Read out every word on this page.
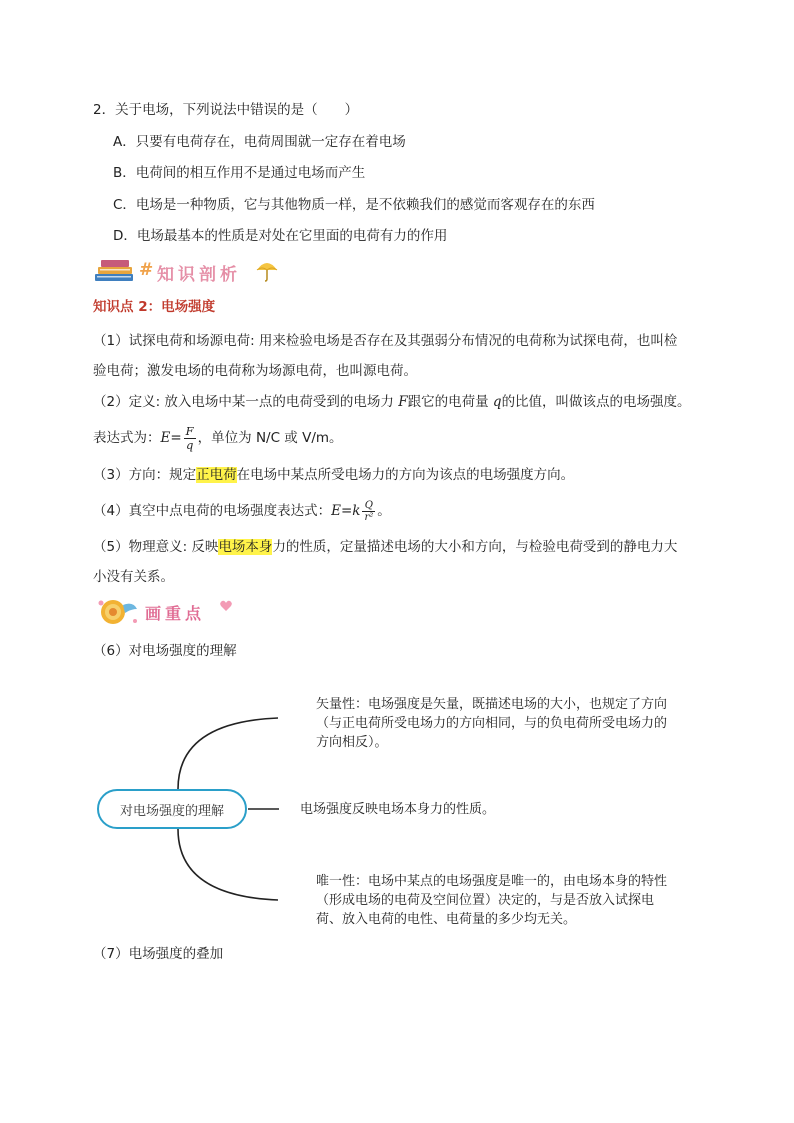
2．关于电场，下列说法中错误的是（　　）
A．只要有电荷存在，电荷周围就一定存在着电场
B．电荷间的相互作用不是通过电场而产生
C．电场是一种物质，它与其他物质一样，是不依赖我们的感觉而客观存在的东西
D．电场最基本的性质是对处在它里面的电荷有力的作用
# 知识剖析
知识点 2：电场强度
（1）试探电荷和场源电荷: 用来检验电场是否存在及其强弱分布情况的电荷称为试探电荷，也叫检
验电荷；激发电场的电荷称为场源电荷，也叫源电荷。
（2）定义: 放入电场中某一点的电荷受到的电场力 F跟它的电荷量 q的比值，叫做该点的电场强度。
表达式为：$E= \frac{F}{q}$ ，单位为 N/C 或 V/m。
（3）方向：规定正电荷在电场中某点所受电场力的方向为该点的电场强度方向。
（4）真空中点电荷的电场强度表达式：$E=k \frac{Q}{\text{r²}}$ 。
（5）物理意义: 反映电场本身力的性质，定量描述电场的大小和方向，与检验电荷受到的静电力大
小没有关系。
画重点
（6）对电场强度的理解
对电场强度的理解
矢量性：电场强度是矢量，既描述电场的大小，也规定了方向
（与正电荷所受电场力的方向相同，与的负电荷所受电场力的
方向相反）。
电场强度反映电场本身力的性质。
唯一性：电场中某点的电场强度是唯一的，由电场本身的特性
（形成电场的电荷及空间位置）决定的，与是否放入试探电
荷、放入电荷的电性、电荷量的多少均无关。
（7）电场强度的叠加
